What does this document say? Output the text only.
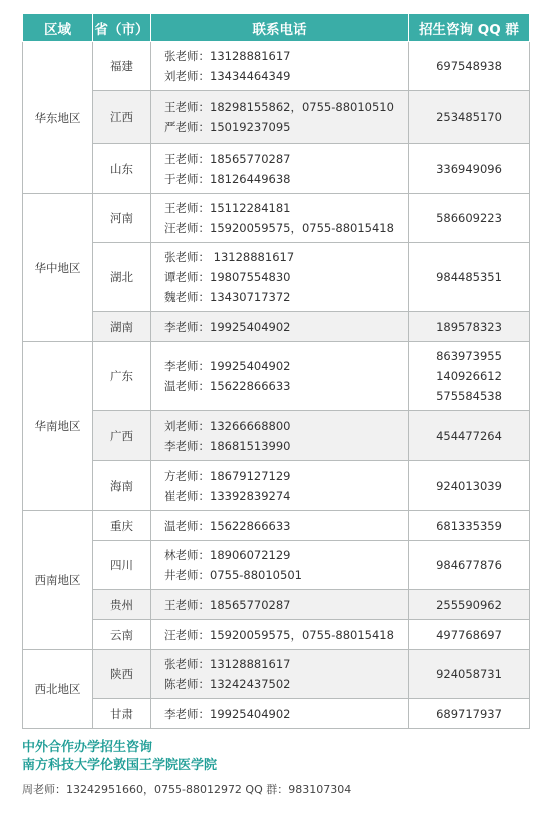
区域	省（市）	联系电话	招生咨询 QQ 群
华东地区	福建	张老师：13128881617
刘老师：13434464349	697548938

	江西	王老师：18298155862，0755-88010510
严老师：15019237095	253485170

	山东	王老师：18565770287
于老师：18126449638	336949096

华中地区	河南	王老师：15112284181
汪老师：15920059575，0755-88015418	586609223

	湖北	张老师： 13128881617
谭老师：19807554830
魏老师：13430717372	984485351

	湖南	李老师：19925404902	189578323

华南地区	广东	李老师：19925404902
温老师：15622866633	863973955
140926612
575584538

	广西	刘老师：13266668800
李老师：18681513990	454477264

	海南	方老师：18679127129
崔老师：13392839274	924013039

西南地区	重庆	温老师：15622866633	681335359

	四川	林老师：18906072129
井老师：0755-88010501	984677876

	贵州	王老师：18565770287	255590962

	云南	汪老师：15920059575，0755-88015418	497768697

西北地区	陕西	张老师：13128881617
陈老师：13242437502	924058731

	甘肃	李老师：19925404902	689717937
中外合作办学招生咨询
南方科技大学伦敦国王学院医学院
周老师：13242951660，0755-88012972 QQ 群：983107304
